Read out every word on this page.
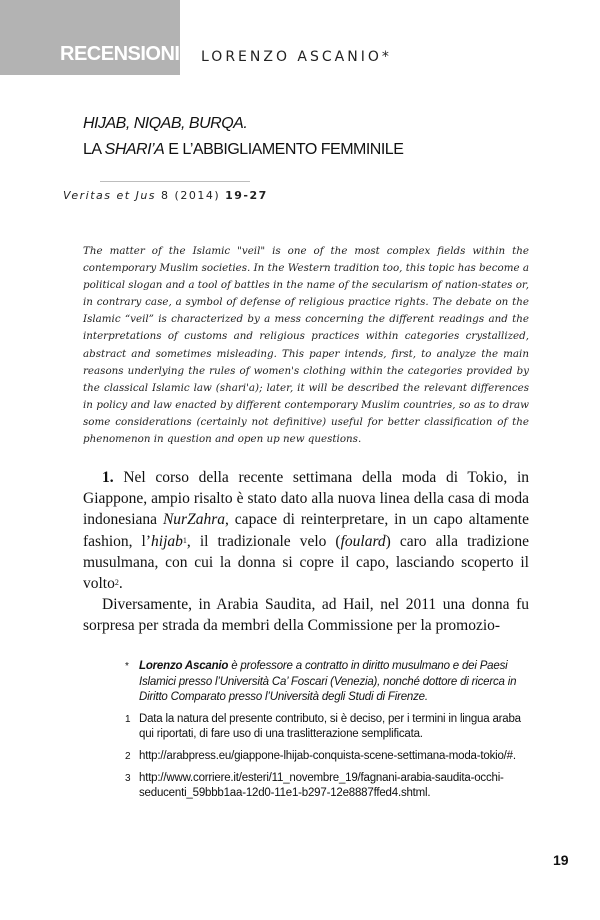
RECENSIONI LORENZO ASCANIO*
HIJAB, NIQAB, BURQA.
LA SHARI’A E L’ABBIGLIAMENTO FEMMINILE
Veritas et Jus 8 (2014) 19-27
The matter of the Islamic "veil" is one of the most complex fields within the contemporary Muslim societies. In the Western tradition too, this topic has become a political slogan and a tool of battles in the name of the secularism of nation-states or, in contrary case, a symbol of defense of religious practice rights. The debate on the Islamic “veil” is characterized by a mess concerning the different readings and the interpretations of customs and religious practices within categories crystallized, abstract and sometimes misleading. This paper intends, first, to analyze the main reasons underlying the rules of women's clothing within the categories provided by the classical Islamic law (shari'a); later, it will be described the relevant differences in policy and law enacted by different contemporary Muslim countries, so as to draw some considerations (certainly not definitive) useful for better classification of the phenomenon in question and open up new questions.

1. Nel corso della recente settimana della moda di Tokio, in Giappone, ampio risalto è stato dato alla nuova linea della casa di moda indonesiana NurZahra, capace di reinterpretare, in un capo altamente fashion, l’hijab$^1$, il tradizionale velo (foulard) caro alla tradizione musulmana, con cui la donna si copre il capo, lasciando scoperto il volto$^2$.

Diversamente, in Arabia Saudita, ad Hail, nel 2011 una donna fu sorpresa per strada da membri della Commissione per la promozio-

* Lorenzo Ascanio è professore a contratto in diritto musulmano e dei Paesi Islamici presso l’Università Ca’ Foscari (Venezia), nonché dottore di ricerca in Diritto Comparato presso l’Università degli Studi di Firenze.
1 Data la natura del presente contributo, si è deciso, per i termini in lingua araba qui riportati, di fare uso di una traslitterazione semplificata.
2 http://arabpress.eu/giappone-lhijab-conquista-scene-settimana-moda-tokio/#.
3 http://www.corriere.it/esteri/11_novembre_19/fagnani-arabia-saudita-occhi-seducenti_59bbb1aa-12d0-11e1-b297-12e8887ffed4.shtml.
19
